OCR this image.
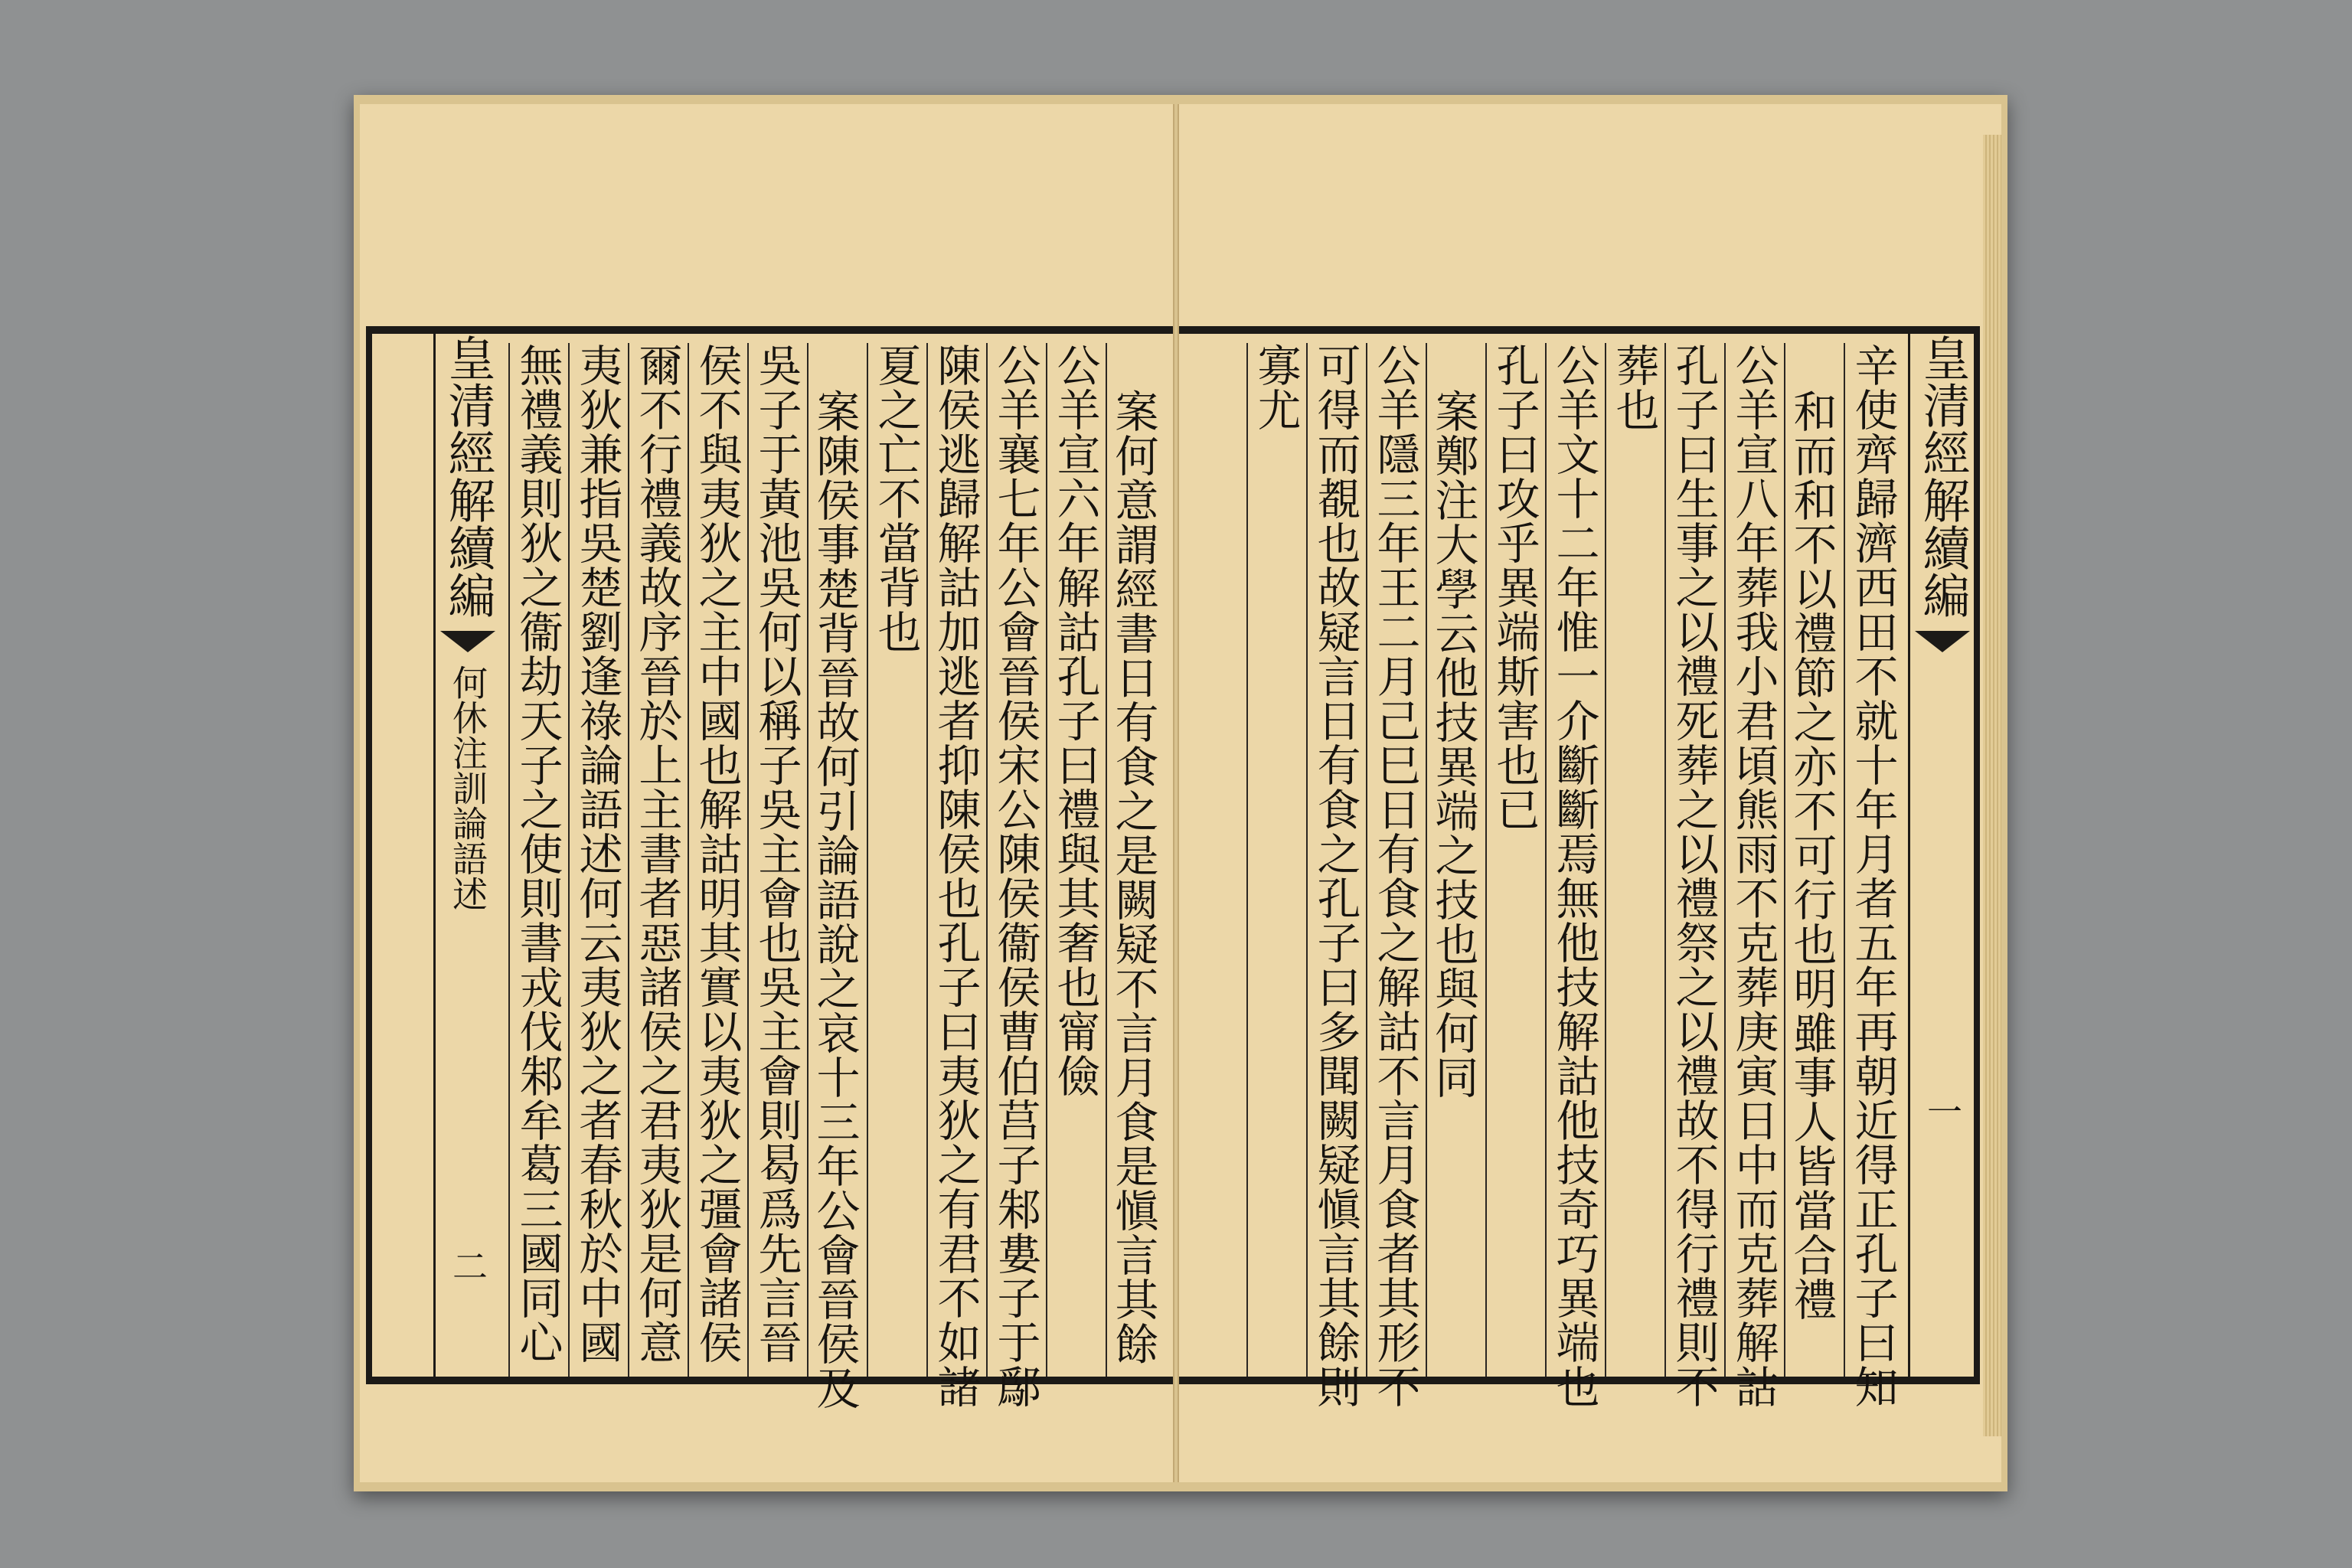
案何意謂經書日有食之是闕疑不言月食是愼言其餘
公羊宣六年解詁孔子曰禮與其奢也甯儉
公羊襄七年公會晉侯宋公陳侯衞侯曹伯莒子邾婁子于鄬
陳侯逃歸解詁加逃者抑陳侯也孔子曰夷狄之有君不如諸
夏之亡不當背也
案陳侯事楚背晉故何引論語說之哀十三年公會晉侯及
吳子于黃池吳何以稱子吳主會也吳主會則曷爲先言晉
侯不與夷狄之主中國也解詁明其實以夷狄之彊會諸侯
爾不行禮義故序晉於上主書者惡諸侯之君夷狄是何意
夷狄兼指吳楚劉逢祿論語述何云夷狄之者春秋於中國
無禮義則狄之衞劫天子之使則書戎伐邾牟葛三國同心
皇清經解續編何休注訓論語述二
皇清經解續編一
辛使齊歸濟西田不就十年月者五年再朝近得正孔子曰知
和而和不以禮節之亦不可行也明雖事人皆當合禮
公羊宣八年葬我小君頃熊雨不克葬庚寅日中而克葬解詁
孔子曰生事之以禮死葬之以禮祭之以禮故不得行禮則不
葬也
公羊文十二年惟一介斷斷焉無他技解詁他技奇巧異端也
孔子曰攻乎異端斯害也已
案鄭注大學云他技異端之技也與何同
公羊隱三年王二月己巳日有食之解詁不言月食者其形不
可得而覩也故疑言日有食之孔子曰多聞闕疑愼言其餘則
寡尤
